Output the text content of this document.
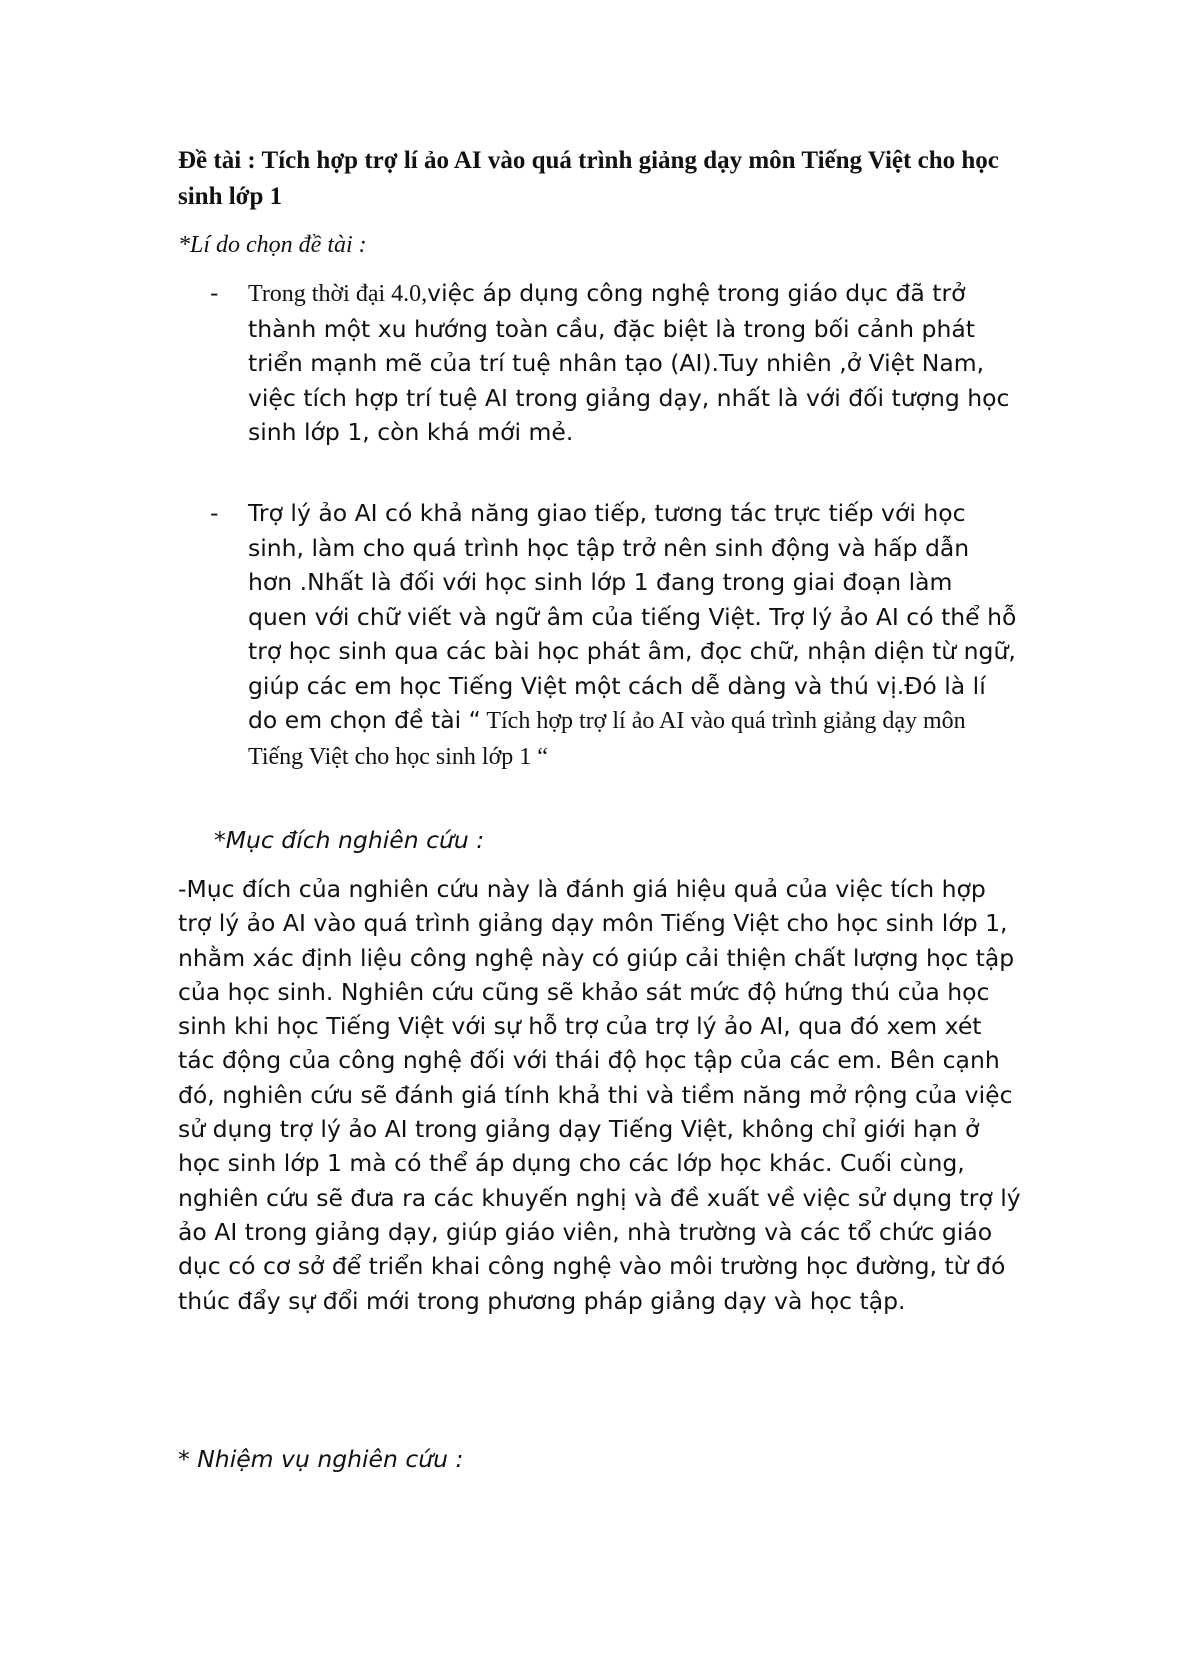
Đề tài : Tích hợp trợ lí ảo AI vào quá trình giảng dạy môn Tiếng Việt cho học sinh lớp 1

*Lí do chọn đề tài :

- Trong thời đại 4.0,việc áp dụng công nghệ trong giáo dục đã trở thành một xu hướng toàn cầu, đặc biệt là trong bối cảnh phát triển mạnh mẽ của trí tuệ nhân tạo (AI).Tuy nhiên ,ở Việt Nam, việc tích hợp trí tuệ AI trong giảng dạy, nhất là với đối tượng học sinh lớp 1, còn khá mới mẻ.

- Trợ lý ảo AI có khả năng giao tiếp, tương tác trực tiếp với học sinh, làm cho quá trình học tập trở nên sinh động và hấp dẫn hơn .Nhất là đối với học sinh lớp 1 đang trong giai đoạn làm quen với chữ viết và ngữ âm của tiếng Việt. Trợ lý ảo AI có thể hỗ trợ học sinh qua các bài học phát âm, đọc chữ, nhận diện từ ngữ, giúp các em học Tiếng Việt một cách dễ dàng và thú vị.Đó là lí do em chọn đề tài “ Tích hợp trợ lí ảo AI vào quá trình giảng dạy môn Tiếng Việt cho học sinh lớp 1 “

*Mục đích nghiên cứu :

-Mục đích của nghiên cứu này là đánh giá hiệu quả của việc tích hợp trợ lý ảo AI vào quá trình giảng dạy môn Tiếng Việt cho học sinh lớp 1, nhằm xác định liệu công nghệ này có giúp cải thiện chất lượng học tập của học sinh. Nghiên cứu cũng sẽ khảo sát mức độ hứng thú của học sinh khi học Tiếng Việt với sự hỗ trợ của trợ lý ảo AI, qua đó xem xét tác động của công nghệ đối với thái độ học tập của các em. Bên cạnh đó, nghiên cứu sẽ đánh giá tính khả thi và tiềm năng mở rộng của việc sử dụng trợ lý ảo AI trong giảng dạy Tiếng Việt, không chỉ giới hạn ở học sinh lớp 1 mà có thể áp dụng cho các lớp học khác. Cuối cùng, nghiên cứu sẽ đưa ra các khuyến nghị và đề xuất về việc sử dụng trợ lý ảo AI trong giảng dạy, giúp giáo viên, nhà trường và các tổ chức giáo dục có cơ sở để triển khai công nghệ vào môi trường học đường, từ đó thúc đẩy sự đổi mới trong phương pháp giảng dạy và học tập.

* Nhiệm vụ nghiên cứu :
